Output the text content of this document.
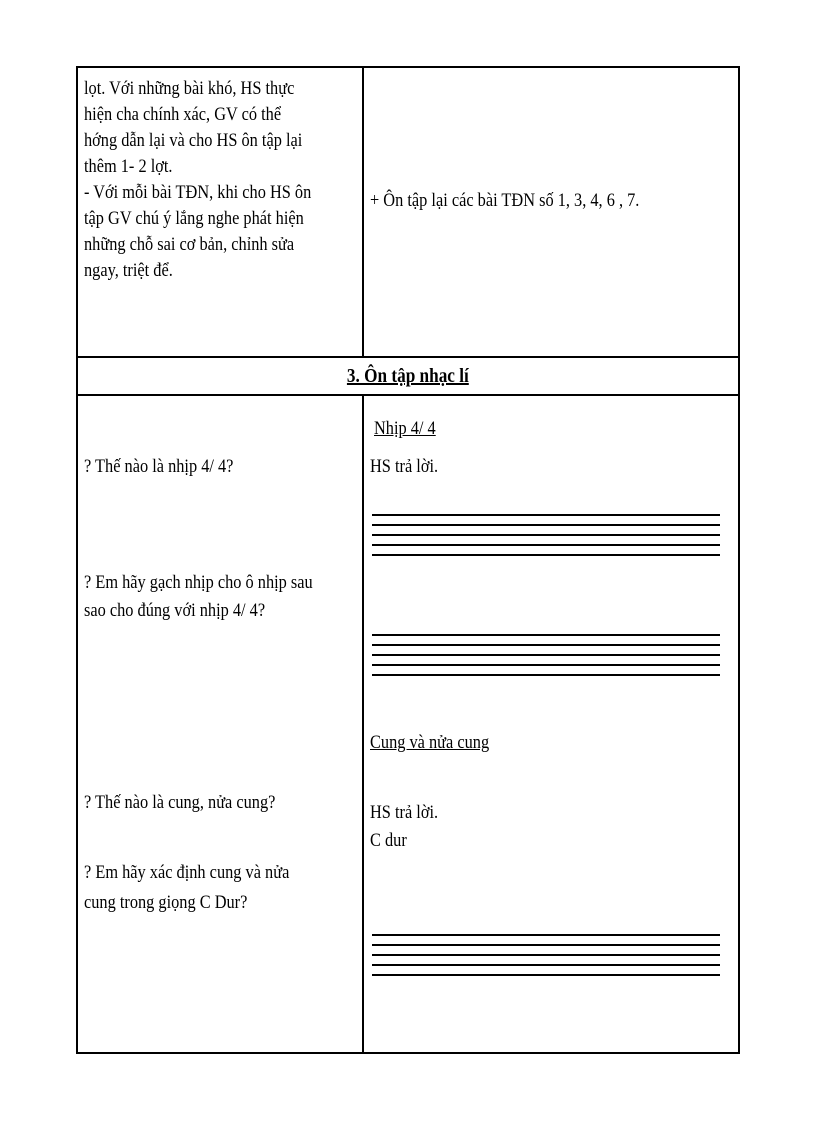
lọt. Với những bài khó, HS thực
hiện cha chính xác, GV có thể
hớng dẫn lại và cho HS ôn tập lại
thêm 1- 2 lợt.
- Với mỗi bài TĐN, khi cho HS ôn
tập GV chú ý lắng nghe phát hiện
những chỗ sai cơ bản, chỉnh sửa
ngay, triệt để.
+ Ôn tập lại các bài TĐN số 1, 3, 4, 6 , 7.
3. Ôn tập nhạc lí
? Thế nào là nhịp 4/ 4?
? Em hãy gạch nhịp cho ô nhịp sau
sao cho đúng với nhịp 4/ 4?
? Thế nào là cung, nửa cung?
? Em hãy xác định cung và nửa
cung trong giọng C Dur?
Nhịp 4/ 4
HS trả lời.
Cung và nửa cung
HS trả lời.
C dur
